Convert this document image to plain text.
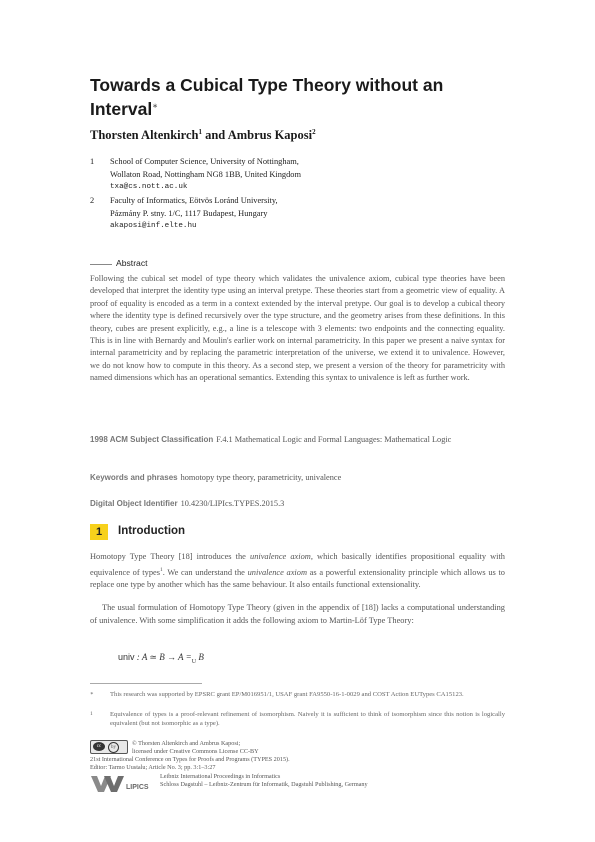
Towards a Cubical Type Theory without an
Interval∗
Thorsten Altenkirch$^1$ and Ambrus Kaposi$^2$
1 School of Computer Science, University of Nottingham,
Wollaton Road, Nottingham NG8 1BB, United Kingdom
txa@cs.nott.ac.uk
2 Faculty of Informatics, Eötvös Loránd University,
Pázmány P. stny. 1/C, 1117 Budapest, Hungary
akaposi@inf.elte.hu
Abstract
Following the cubical set model of type theory which validates the univalence axiom, cubical type theories have been developed that interpret the identity type using an interval pretype. These theories start from a geometric view of equality. A proof of equality is encoded as a term in a context extended by the interval pretype. Our goal is to develop a cubical theory where the identity type is defined recursively over the type structure, and the geometry arises from these definitions. In this theory, cubes are present explicitly, e.g., a line is a telescope with 3 elements: two endpoints and the connecting equality. This is in line with Bernardy and Moulin's earlier work on internal parametricity. In this paper we present a naive syntax for internal parametricity and by replacing the parametric interpretation of the universe, we extend it to univalence. However, we do not know how to compute in this theory. As a second step, we present a version of the theory for parametricity with named dimensions which has an operational semantics. Extending this syntax to univalence is left as further work.
1998 ACM Subject Classification F.4.1 Mathematical Logic and Formal Languages: Mathematical Logic
Keywords and phrases homotopy type theory, parametricity, univalence
Digital Object Identifier 10.4230/LIPIcs.TYPES.2015.3
1	Introduction

Homotopy Type Theory [18] introduces the univalence axiom, which basically identifies propositional equality with equivalence of types$^1$. We can understand the univalence axiom as a powerful extensionality principle which allows us to replace one type by another which has the same behaviour. It also entails functional extensionality.

The usual formulation of Homotopy Type Theory (given in the appendix of [18]) lacks a computational understanding of univalence. With some simplification it adds the following axiom to Martin-Löf Type Theory:

univ : A ≃ $B \to A =_U$ B
∗ This research was supported by EPSRC grant EP/M016951/1, USAF grant FA9550-16-1-0029 and COST Action EUTypes CA15123.
1	Equivalence of types is a proof-relevant refinement of isomorphism. Naively it is sufficient to think of isomorphism since this notion is logically equivalent (but not isomorphic as a type).
cc	by
© Thorsten Altenkirch and Ambrus Kaposi;
licensed under Creative Commons License CC-BY
21st International Conference on Types for Proofs and Programs (TYPES 2015).
Editor: Tarmo Uustalu; Article No. 3; pp. 3:1–3:27
LIPICS
Leibniz International Proceedings in Informatics
Schloss Dagstuhl – Leibniz-Zentrum für Informatik, Dagstuhl Publishing, Germany
